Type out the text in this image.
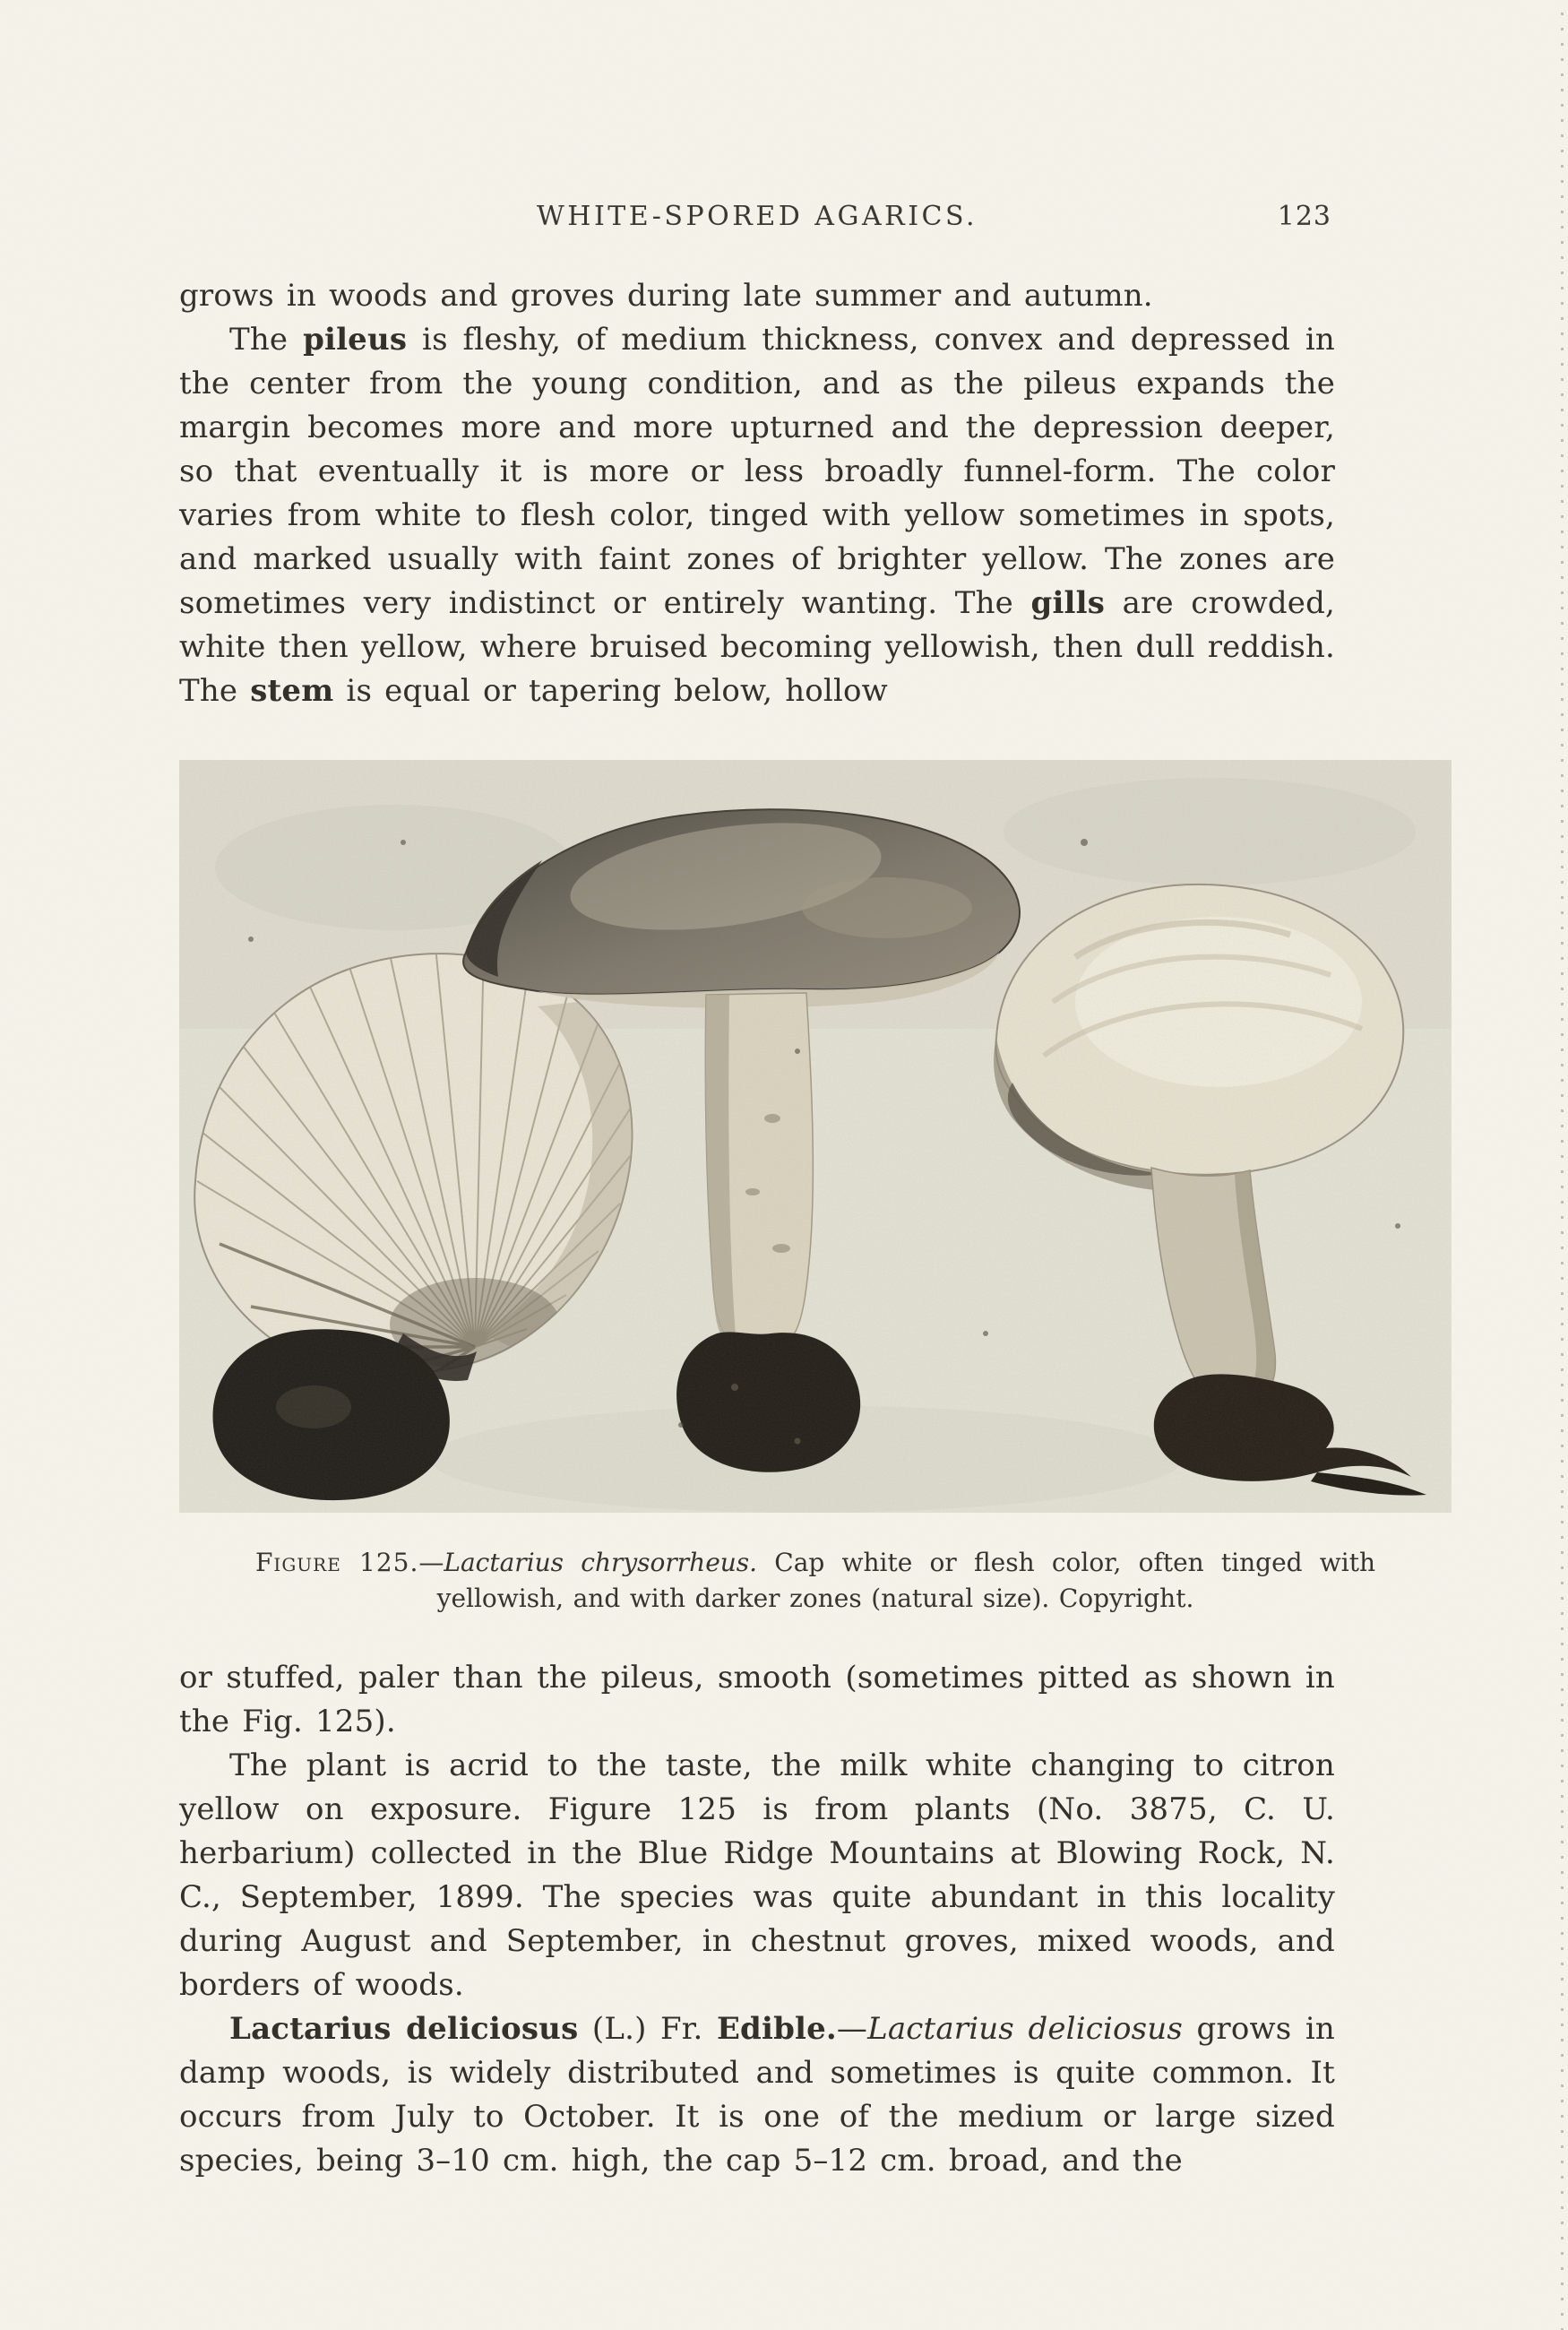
WHITE-SPORED AGARICS.	123

grows in woods and groves during late summer and autumn.

The pileus is fleshy, of medium thickness, convex and depressed in the center from the young condition, and as the pileus expands the margin becomes more and more upturned and the depression deeper, so that eventually it is more or less broadly funnel-form. The color varies from white to flesh color, tinged with yellow sometimes in spots, and marked usually with faint zones of brighter yellow. The zones are sometimes very indistinct or entirely wanting. The gills are crowded, white then yellow, where bruised becoming yellowish, then dull reddish. The stem is equal or tapering below, hollow

Figure 125.—Lactarius chrysorrheus. Cap white or flesh color, often tinged with yellowish, and with darker zones (natural size). Copyright.

or stuffed, paler than the pileus, smooth (sometimes pitted as shown in the Fig. 125).

The plant is acrid to the taste, the milk white changing to citron yellow on exposure. Figure 125 is from plants (No. 3875, C. U. herbarium) collected in the Blue Ridge Mountains at Blowing Rock, N. C., September, 1899. The species was quite abundant in this locality during August and September, in chestnut groves, mixed woods, and borders of woods.

Lactarius deliciosus (L.) Fr. Edible.—Lactarius deliciosus grows in damp woods, is widely distributed and sometimes is quite common. It occurs from July to October. It is one of the medium or large sized species, being 3–10 cm. high, the cap 5–12 cm. broad, and the
